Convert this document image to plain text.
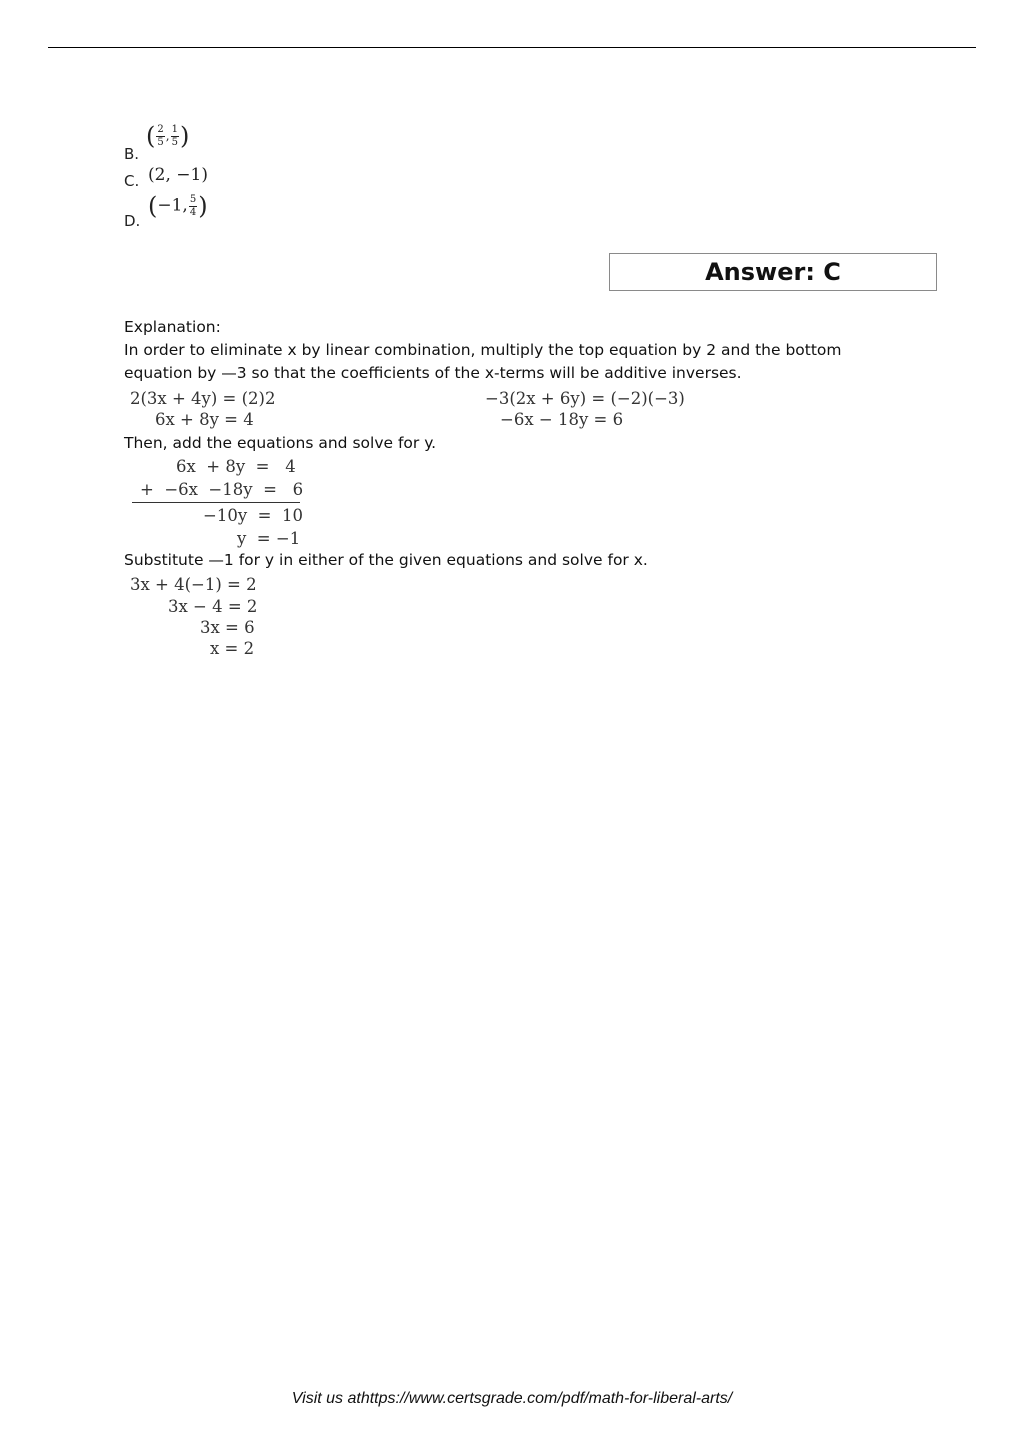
B.
( $\frac{2}{5}$ , $\frac{1}{5}$ )
C. (2, −1)
D.
(−1, $\frac{5}{4}$ )
Answer: C
Explanation:
In order to eliminate x by linear combination, multiply the top equation by 2 and the bottom
equation by —3 so that the coefficients of the x-terms will be additive inverses.
2(3x + 4y) = (2)2
6x + 8y = 4
−3(2x + 6y) = (−2)(−3)
−6x − 18y = 6
Then, add the equations and solve for y.
6x  + 8y  =   4
+  −6x  −18y  =   6
−10y  =  10
y  = −1
Substitute —1 for y in either of the given equations and solve for x.
3x + 4(−1) = 2
3x − 4 = 2
3x = 6
x = 2
Visit us athttps://www.certsgrade.com/pdf/math-for-liberal-arts/
